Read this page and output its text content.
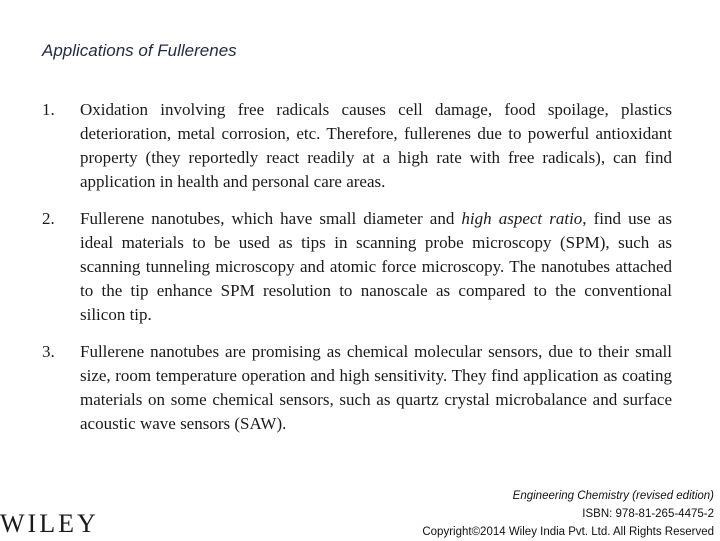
Applications of Fullerenes
1. Oxidation involving free radicals causes cell damage, food spoilage, plastics deterioration, metal corrosion, etc. Therefore, fullerenes due to powerful antioxidant property (they reportedly react readily at a high rate with free radicals), can find application in health and personal care areas.
2. Fullerene nanotubes, which have small diameter and high aspect ratio, find use as ideal materials to be used as tips in scanning probe microscopy (SPM), such as scanning tunneling microscopy and atomic force microscopy. The nanotubes attached to the tip enhance SPM resolution to nanoscale as compared to the conventional silicon tip.
3. Fullerene nanotubes are promising as chemical molecular sensors, due to their small size, room temperature operation and high sensitivity. They find application as coating materials on some chemical sensors, such as quartz crystal microbalance and surface acoustic wave sensors (SAW).
WILEY
Engineering Chemistry (revised edition)
ISBN: 978-81-265-4475-2
Copyright©2014 Wiley India Pvt. Ltd. All Rights Reserved
